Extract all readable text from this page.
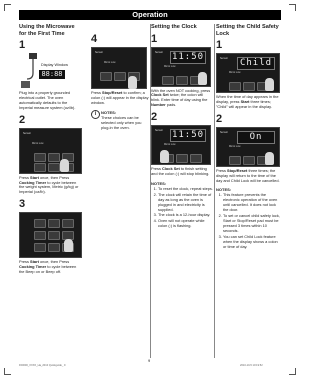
Operation
Using the Microwave for the First Time
1
Display Window
88:88
Plug into a properly grounded electrical outlet. The oven automatically defaults to the Imperial measure system (oz/lb).
2
Sensor
Micro Low
Press Start once, then Press Cooking Timer to cycle between the weight system, Metric (g/kg) or Imperial (oz/lb).
3
Press Start once, then Press Cooking Timer to cycle between the Beep on or Beep off.
4
Sensor
Micro Low
Press Stop/Reset to confirm; a colon (:) will appear in the display window.
i	NOTES:
These choices can be selected only when you plug-in the oven.
Setting the Clock
1
Sensor 11:50
Micro Low
With the oven NOT cooking, press Clock Set twice; the colon will blink. Enter time of day using the Number pads.
2
Sensor 11:50
Micro Low
Press Clock Set to finish setting and the colon (:) will stop blinking.
NOTES:
1. To reset the clock, repeat steps.
2. The clock will retain the time of day as long as the oven is plugged in and electricity is supplied.
3. The clock is a 12-hour display.
4. Oven will not operate while colon (:) is flashing.
Setting the Child Safety Lock
1
Sensor	Child
Micro Low
When the time of day appears in the display, press Start three times; "Child" will appear in the display.
2
Sensor	On
Micro Low
Press Stop/Reset three times; the display will return to the time of the day and Child Lock will be cancelled.
NOTES:
1. This feature prevents the electronic operation of the oven until cancelled. It does not lock the door.
2. To set or cancel child safety lock, Start or Stop/Reset pad must be pressed 3 times within 10 seconds.
3. You can set Child Lock feature when the display shows a colon or time of day.
9
F00000_XXXX_Ha_2010 Quickguide_ 9	2010-10-5 10:19:52
